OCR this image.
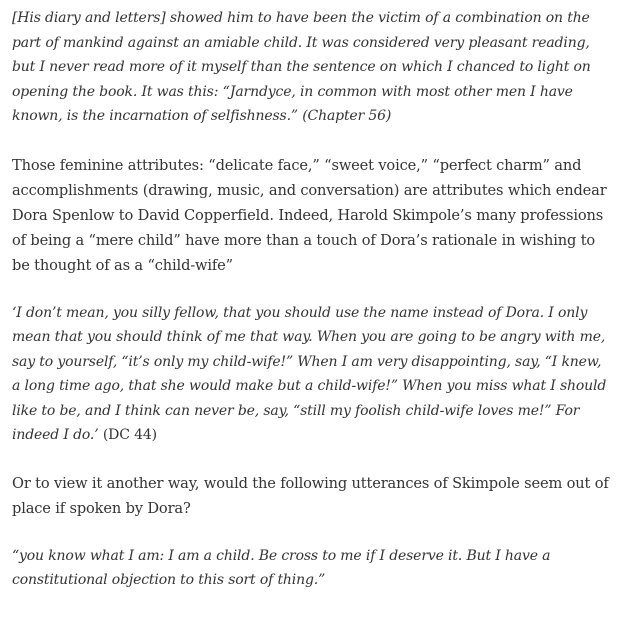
[His diary and letters] showed him to have been the victim of a combination on the part of mankind against an amiable child. It was considered very pleasant reading, but I never read more of it myself than the sentence on which I chanced to light on opening the book. It was this: “Jarndyce, in common with most other men I have known, is the incarnation of selfishness.” (Chapter 56)

Those feminine attributes: “delicate face,” “sweet voice,” “perfect charm” and accomplishments (drawing, music, and conversation) are attributes which endear Dora Spenlow to David Copperfield. Indeed, Harold Skimpole’s many professions of being a “mere child” have more than a touch of Dora’s rationale in wishing to be thought of as a “child-wife”

‘I don’t mean, you silly fellow, that you should use the name instead of Dora. I only mean that you should think of me that way. When you are going to be angry with me, say to yourself, “it’s only my child-wife!” When I am very disappointing, say, “I knew, a long time ago, that she would make but a child-wife!” When you miss what I should like to be, and I think can never be, say, “still my foolish child-wife loves me!” For indeed I do.’ (DC 44)

Or to view it another way, would the following utterances of Skimpole seem out of place if spoken by Dora?

“you know what I am: I am a child. Be cross to me if I deserve it. But I have a constitutional objection to this sort of thing.”
